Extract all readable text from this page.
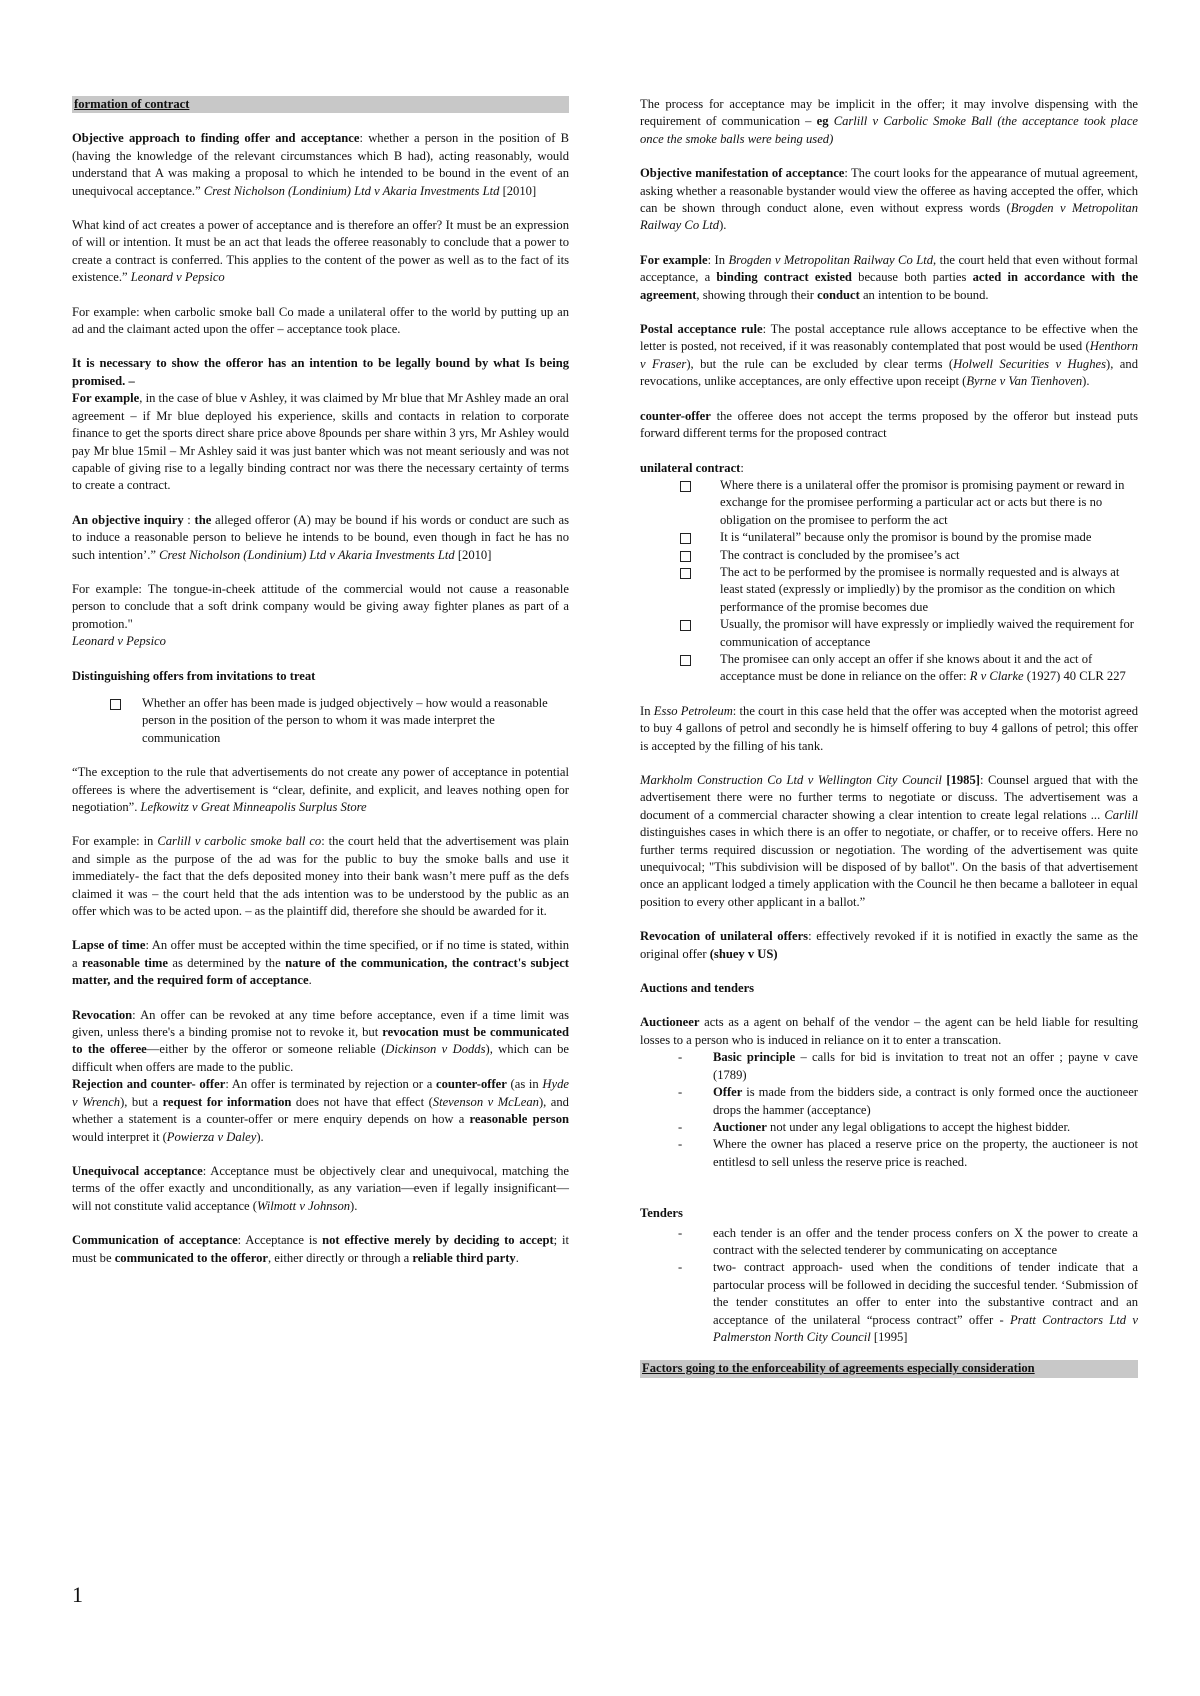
formation of contract

Objective approach to finding offer and acceptance: whether a person in the position of B (having the knowledge of the relevant circumstances which B had), acting reasonably, would understand that A was making a proposal to which he intended to be bound in the event of an unequivocal acceptance.” Crest Nicholson (Londinium) Ltd v Akaria Investments Ltd [2010]

What kind of act creates a power of acceptance and is therefore an offer? It must be an expression of will or intention. It must be an act that leads the offeree reasonably to conclude that a power to create a contract is conferred. This applies to the content of the power as well as to the fact of its existence.” Leonard v Pepsico

For example: when carbolic smoke ball Co made a unilateral offer to the world by putting up an ad and the claimant acted upon the offer – acceptance took place.

It is necessary to show the offeror has an intention to be legally bound by what Is being promised. –
For example, in the case of blue v Ashley, it was claimed by Mr blue that Mr Ashley made an oral agreement – if Mr blue deployed his experience, skills and contacts in relation to corporate finance to get the sports direct share price above 8pounds per share within 3 yrs, Mr Ashley would pay Mr blue 15mil – Mr Ashley said it was just banter which was not meant seriously and was not capable of giving rise to a legally binding contract nor was there the necessary certainty of terms to create a contract.

An objective inquiry : the alleged offeror (A) may be bound if his words or conduct are such as to induce a reasonable person to believe he intends to be bound, even though in fact he has no such intention’.” Crest Nicholson (Londinium) Ltd v Akaria Investments Ltd [2010]

For example: The tongue-in-cheek attitude of the commercial would not cause a reasonable person to conclude that a soft drink company would be giving away fighter planes as part of a promotion."
Leonard v Pepsico

Distinguishing offers from invitations to treat

Whether an offer has been made is judged objectively – how would a reasonable person in the position of the person to whom it was made interpret the communication

“The exception to the rule that advertisements do not create any power of acceptance in potential offerees is where the advertisement is “clear, definite, and explicit, and leaves nothing open for negotiation”. Lefkowitz v Great Minneapolis Surplus Store

For example: in Carlill v carbolic smoke ball co: the court held that the advertisement was plain and simple as the purpose of the ad was for the public to buy the smoke balls and use it immediately- the fact that the defs deposited money into their bank wasn’t mere puff as the defs claimed it was – the court held that the ads intention was to be understood by the public as an offer which was to be acted upon. – as the plaintiff did, therefore she should be awarded for it.

Lapse of time: An offer must be accepted within the time specified, or if no time is stated, within a reasonable time as determined by the nature of the communication, the contract's subject matter, and the required form of acceptance.

Revocation: An offer can be revoked at any time before acceptance, even if a time limit was given, unless there's a binding promise not to revoke it, but revocation must be communicated to the offeree—either by the offeror or someone reliable (Dickinson v Dodds), which can be difficult when offers are made to the public.

Rejection and counter- offer: An offer is terminated by rejection or a counter-offer (as in Hyde v Wrench), but a request for information does not have that effect (Stevenson v McLean), and whether a statement is a counter-offer or mere enquiry depends on how a reasonable person would interpret it (Powierza v Daley).

Unequivocal acceptance: Acceptance must be objectively clear and unequivocal, matching the terms of the offer exactly and unconditionally, as any variation—even if legally insignificant—will not constitute valid acceptance (Wilmott v Johnson).

Communication of acceptance: Acceptance is not effective merely by deciding to accept; it must be communicated to the offeror, either directly or through a reliable third party.

The process for acceptance may be implicit in the offer; it may involve dispensing with the requirement of communication – eg Carlill v Carbolic Smoke Ball (the acceptance took place once the smoke balls were being used)

Objective manifestation of acceptance: The court looks for the appearance of mutual agreement, asking whether a reasonable bystander would view the offeree as having accepted the offer, which can be shown through conduct alone, even without express words (Brogden v Metropolitan Railway Co Ltd).

For example: In Brogden v Metropolitan Railway Co Ltd, the court held that even without formal acceptance, a binding contract existed because both parties acted in accordance with the agreement, showing through their conduct an intention to be bound.

Postal acceptance rule: The postal acceptance rule allows acceptance to be effective when the letter is posted, not received, if it was reasonably contemplated that post would be used (Henthorn v Fraser), but the rule can be excluded by clear terms (Holwell Securities v Hughes), and revocations, unlike acceptances, are only effective upon receipt (Byrne v Van Tienhoven).

counter-offer the offeree does not accept the terms proposed by the offeror but instead puts forward different terms for the proposed contract

unilateral contract:

Where there is a unilateral offer the promisor is promising payment or reward in exchange for the promisee performing a particular act or acts but there is no obligation on the promisee to perform the act
It is “unilateral” because only the promisor is bound by the promise made
The contract is concluded by the promisee’s act
The act to be performed by the promisee is normally requested and is always at least stated (expressly or impliedly) by the promisor as the condition on which performance of the promise becomes due
Usually, the promisor will have expressly or impliedly waived the requirement for communication of acceptance
The promisee can only accept an offer if she knows about it and the act of acceptance must be done in reliance on the offer: R v Clarke (1927) 40 CLR 227

In Esso Petroleum: the court in this case held that the offer was accepted when the motorist agreed to buy 4 gallons of petrol and secondly he is himself offering to buy 4 gallons of petrol; this offer is accepted by the filling of his tank.

Markholm Construction Co Ltd v Wellington City Council [1985]: Counsel argued that with the advertisement there were no further terms to negotiate or discuss. The advertisement was a document of a commercial character showing a clear intention to create legal relations ... Carlill distinguishes cases in which there is an offer to negotiate, or chaffer, or to receive offers. Here no further terms required discussion or negotiation. The wording of the advertisement was quite unequivocal; "This subdivision will be disposed of by ballot". On the basis of that advertisement once an applicant lodged a timely application with the Council he then became a balloteer in equal position to every other applicant in a ballot.”

Revocation of unilateral offers: effectively revoked if it is notified in exactly the same as the original offer (shuey v US)

Auctions and tenders

Auctioneer acts as a agent on behalf of the vendor – the agent can be held liable for resulting losses to a person who is induced in reliance on it to enter a transcation.

- Basic principle – calls for bid is invitation to treat not an offer ; payne v cave (1789)
- Offer is made from the bidders side, a contract is only formed once the auctioneer drops the hammer (acceptance)
- Auctioner not under any legal obligations to accept the highest bidder.
- Where the owner has placed a reserve price on the property, the auctioneer is not entitlesd to sell unless the reserve price is reached.

Tenders

- each tender is an offer and the tender process confers on X the power to create a contract with the selected tenderer by communicating on acceptance
- two- contract approach- used when the conditions of tender indicate that a partocular process will be followed in deciding the succesful tender. ‘Submission of the tender constitutes an offer to enter into the substantive contract and an acceptance of the unilateral “process contract” offer - Pratt Contractors Ltd v Palmerston North City Council [1995]

Factors going to the enforceability of agreements especially consideration

1
